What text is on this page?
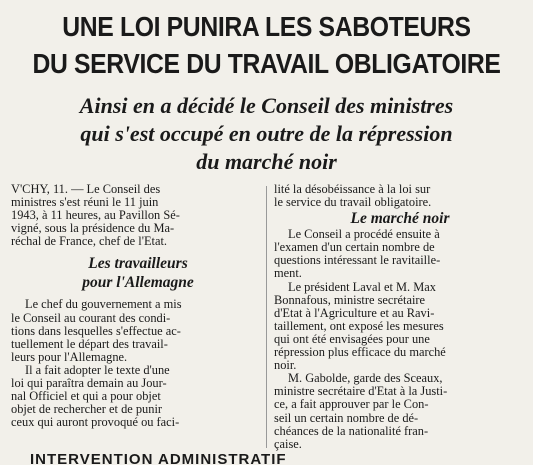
UNE LOI PUNIRA LES SABOTEURS
DU SERVICE DU TRAVAIL OBLIGATOIRE
Ainsi en a décidé le Conseil des ministres
qui s'est occupé en outre de la répression
du marché noir
V'CHY, 11. — Le Conseil des
ministres s'est réuni le 11 juin
1943, à 11 heures, au Pavillon Sé-
vigné, sous la présidence du Ma-
réchal de France, chef de l'Etat.
Les travailleurs
pour l'Allemagne
Le chef du gouvernement a mis
le Conseil au courant des condi-
tions dans lesquelles s'effectue ac-
tuellement le départ des travail-
leurs pour l'Allemagne.
Il a fait adopter le texte d'une
loi qui paraîtra demain au Jour-
nal Officiel et qui a pour objet
objet de rechercher et de punir
ceux qui auront provoqué ou faci-
lité la désobéissance à la loi sur
le service du travail obligatoire.
Le marché noir
Le Conseil a procédé ensuite à
l'examen d'un certain nombre de
questions intéressant le ravitaille-
ment.
Le président Laval et M. Max
Bonnafous, ministre secrétaire
d'Etat à l'Agriculture et au Ravi-
taillement, ont exposé les mesures
qui ont été envisagées pour une
répression plus efficace du marché
noir.
M. Gabolde, garde des Sceaux,
ministre secrétaire d'Etat à la Justi-
ce, a fait approuver par le Con-
seil un certain nombre de dé-
chéances de la nationalité fran-
çaise.
INTERVENTION ADMINISTRATIF
